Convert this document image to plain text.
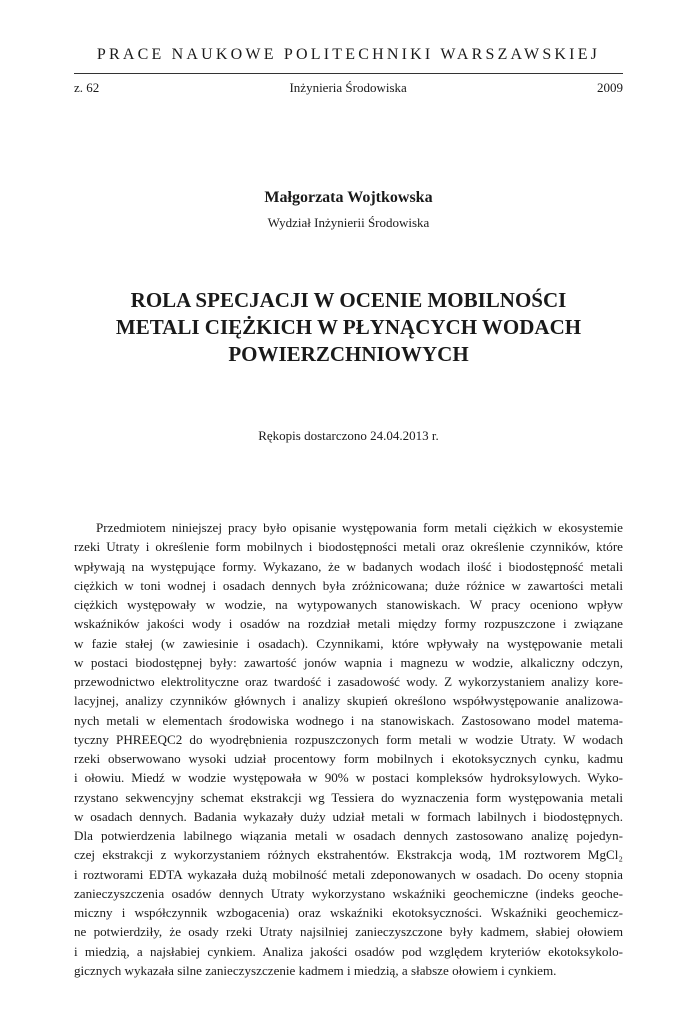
PRACE NAUKOWE POLITECHNIKI WARSZAWSKIEJ
z. 62	Inżynieria Środowiska	2009
Małgorzata Wojtkowska
Wydział Inżynierii Środowiska
ROLA SPECJACJI W OCENIE MOBILNOŚCI
METALI CIĘŻKICH W PŁYNĄCYCH WODACH
POWIERZCHNIOWYCH
Rękopis dostarczono 24.04.2013 r.
Przedmiotem niniejszej pracy było opisanie występowania form metali ciężkich w ekosystemie
rzeki Utraty i określenie form mobilnych i biodostępności metali oraz określenie czynników, które
wpływają na występujące formy. Wykazano, że w badanych wodach ilość i biodostępność metali
ciężkich w toni wodnej i osadach dennych była zróżnicowana; duże różnice w zawartości metali
ciężkich występowały w wodzie, na wytypowanych stanowiskach. W pracy oceniono wpływ
wskaźników jakości wody i osadów na rozdział metali między formy rozpuszczone i związane
w fazie stałej (w zawiesinie i osadach). Czynnikami, które wpływały na występowanie metali
w postaci biodostępnej były: zawartość jonów wapnia i magnezu w wodzie, alkaliczny odczyn,
przewodnictwo elektrolityczne oraz twardość i zasadowość wody. Z wykorzystaniem analizy kore-
lacyjnej, analizy czynników głównych i analizy skupień określono współwystępowanie analizowa-
nych metali w elementach środowiska wodnego i na stanowiskach. Zastosowano model matema-
tyczny PHREEQC2 do wyodrębnienia rozpuszczonych form metali w wodzie Utraty. W wodach
rzeki obserwowano wysoki udział procentowy form mobilnych i ekotoksycznych cynku, kadmu
i ołowiu. Miedź w wodzie występowała w 90% w postaci kompleksów hydroksylowych. Wyko-
rzystano sekwencyjny schemat ekstrakcji wg Tessiera do wyznaczenia form występowania metali
w osadach dennych. Badania wykazały duży udział metali w formach labilnych i biodostępnych.
Dla potwierdzenia labilnego wiązania metali w osadach dennych zastosowano analizę pojedyn-
czej ekstrakcji z wykorzystaniem różnych ekstrahentów. Ekstrakcja wodą, 1M roztworem MgCl₂
i roztworami EDTA wykazała dużą mobilność metali zdeponowanych w osadach. Do oceny stopnia
zanieczyszczenia osadów dennych Utraty wykorzystano wskaźniki geochemiczne (indeks geoche-
miczny i współczynnik wzbogacenia) oraz wskaźniki ekotoksyczności. Wskaźniki geochemicz-
ne potwierdziły, że osady rzeki Utraty najsilniej zanieczyszczone były kadmem, słabiej ołowiem
i miedzią, a najsłabiej cynkiem. Analiza jakości osadów pod względem kryteriów ekotoksykolo-
gicznych wykazała silne zanieczyszczenie kadmem i miedzią, a słabsze ołowiem i cynkiem.
